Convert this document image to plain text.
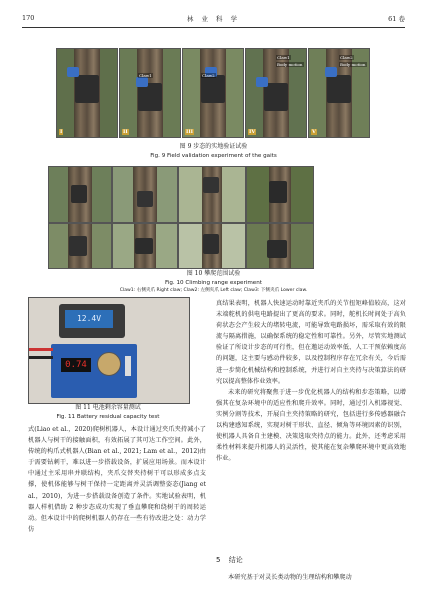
170	林 业 科 学	61 卷
I
Claw1
II
Claw2
III
Claw1
Body motion
IV
Claw2
Body motion
V
图 9 步态的实地验证试验
Fig. 9 Field validation experiment of the gaits
图 10 攀爬范围试验
Fig. 10 Climbing range experiment
Claw1: 右侧夹爪 Right claw; Claw2: 左侧夹爪 Left claw; Claw3: 下侧夹爪 Lower claw.
12.4V
0.74
图 11 电池剩余容量测试
Fig. 11 Battery residual capacity test

真结果表明，机器人快速运动时靠近夹爪的关节扭矩峰值较高，这对末端舵机的供电电路提出了更高的要求。同时，舵机长时间处于高负荷状态会产生较大的堵转电流，可能导致电路损坏，需采取有效的限流与隔离措施，以确保系统的稳定性和可靠性。另外，尽管实地测试验证了所设计步态的可行性，但在邀运动效率低、人工干预依赖度高的问题，这主要与感动件较多，以及控制程序存在冗余有关，今后需进一步简化机械结构和控制系统，并进行对自主夹持与决策算法的研究以提高整体作业效率。

未来的研究将聚焦于进一步优化机器人的结构和步态策略，以增强其在复杂环境中的适应性和爬升效率。同时，通过引入机器视觉、实例分割等技术，开展自主夹持策略的研究，包括进行多传感器融合以构建感知系统，实现对树干形状、直径、倾角等环境因素的识别，使机器人具备自主建模、决策选取夹持点的能力。此外，还考虑采用柔性材料来提升机器人的灵活性，使其能在复杂攀爬环境中更高效地作业。

式(Liao et al.，2020)爬树机器人，本设计通过夹爪夹持减小了机器人与树干的接触面积，有效拓展了其可达工作空间。此外，传统的构爪式机器人(Bian et al., 2021; Lam et al.，2012)由于需要钻刺干，难以进一步搭载设备，扩展应用场景。而本设计中通过主采用串并联结构，夹爪交替夹持树干可以形成多点支撑，使机体能够与树干保持一定距离并灵活调整姿态(Jiang et al.，2010)，为进一步搭载设备创造了条件。实地试验表明，机器人样机借助 2 种步态成功实现了垂直攀爬和绕树干的周转运动。但本设计中的爬树机器人仍存在一些有待改进之处：动力学仿

5 结论

本研究基于对灵长类动物的生理结构和攀爬动
